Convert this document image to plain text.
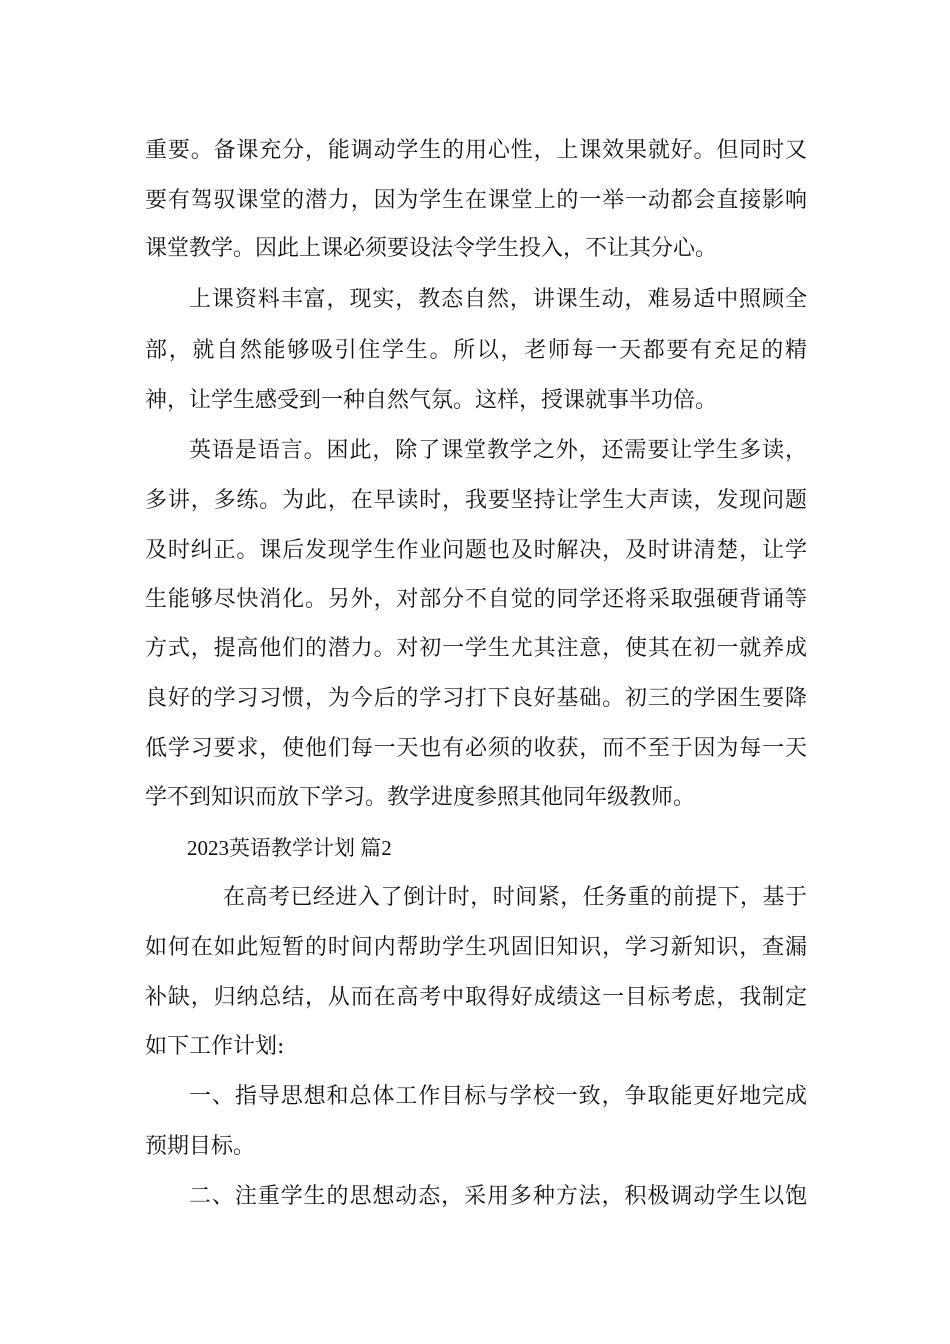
重要。备课充分，能调动学生的用心性，上课效果就好。但同时又
要有驾驭课堂的潜力，因为学生在课堂上的一举一动都会直接影响
课堂教学。因此上课必须要设法令学生投入，不让其分心。
上课资料丰富，现实，教态自然，讲课生动，难易适中照顾全
部，就自然能够吸引住学生。所以，老师每一天都要有充足的精
神，让学生感受到一种自然气氛。这样，授课就事半功倍。
英语是语言。困此，除了课堂教学之外，还需要让学生多读，
多讲，多练。为此，在早读时，我要坚持让学生大声读，发现问题
及时纠正。课后发现学生作业问题也及时解决，及时讲清楚，让学
生能够尽快消化。另外，对部分不自觉的同学还将采取强硬背诵等
方式，提高他们的潜力。对初一学生尤其注意，使其在初一就养成
良好的学习习惯，为今后的学习打下良好基础。初三的学困生要降
低学习要求，使他们每一天也有必须的收获，而不至于因为每一天
学不到知识而放下学习。教学进度参照其他同年级教师。
2023英语教学计划 篇2
在高考已经进入了倒计时，时间紧，任务重的前提下，基于
如何在如此短暂的时间内帮助学生巩固旧知识，学习新知识，查漏
补缺，归纳总结，从而在高考中取得好成绩这一目标考虑，我制定
如下工作计划:
一、指导思想和总体工作目标与学校一致，争取能更好地完成
预期目标。
二、注重学生的思想动态，采用多种方法，积极调动学生以饱
